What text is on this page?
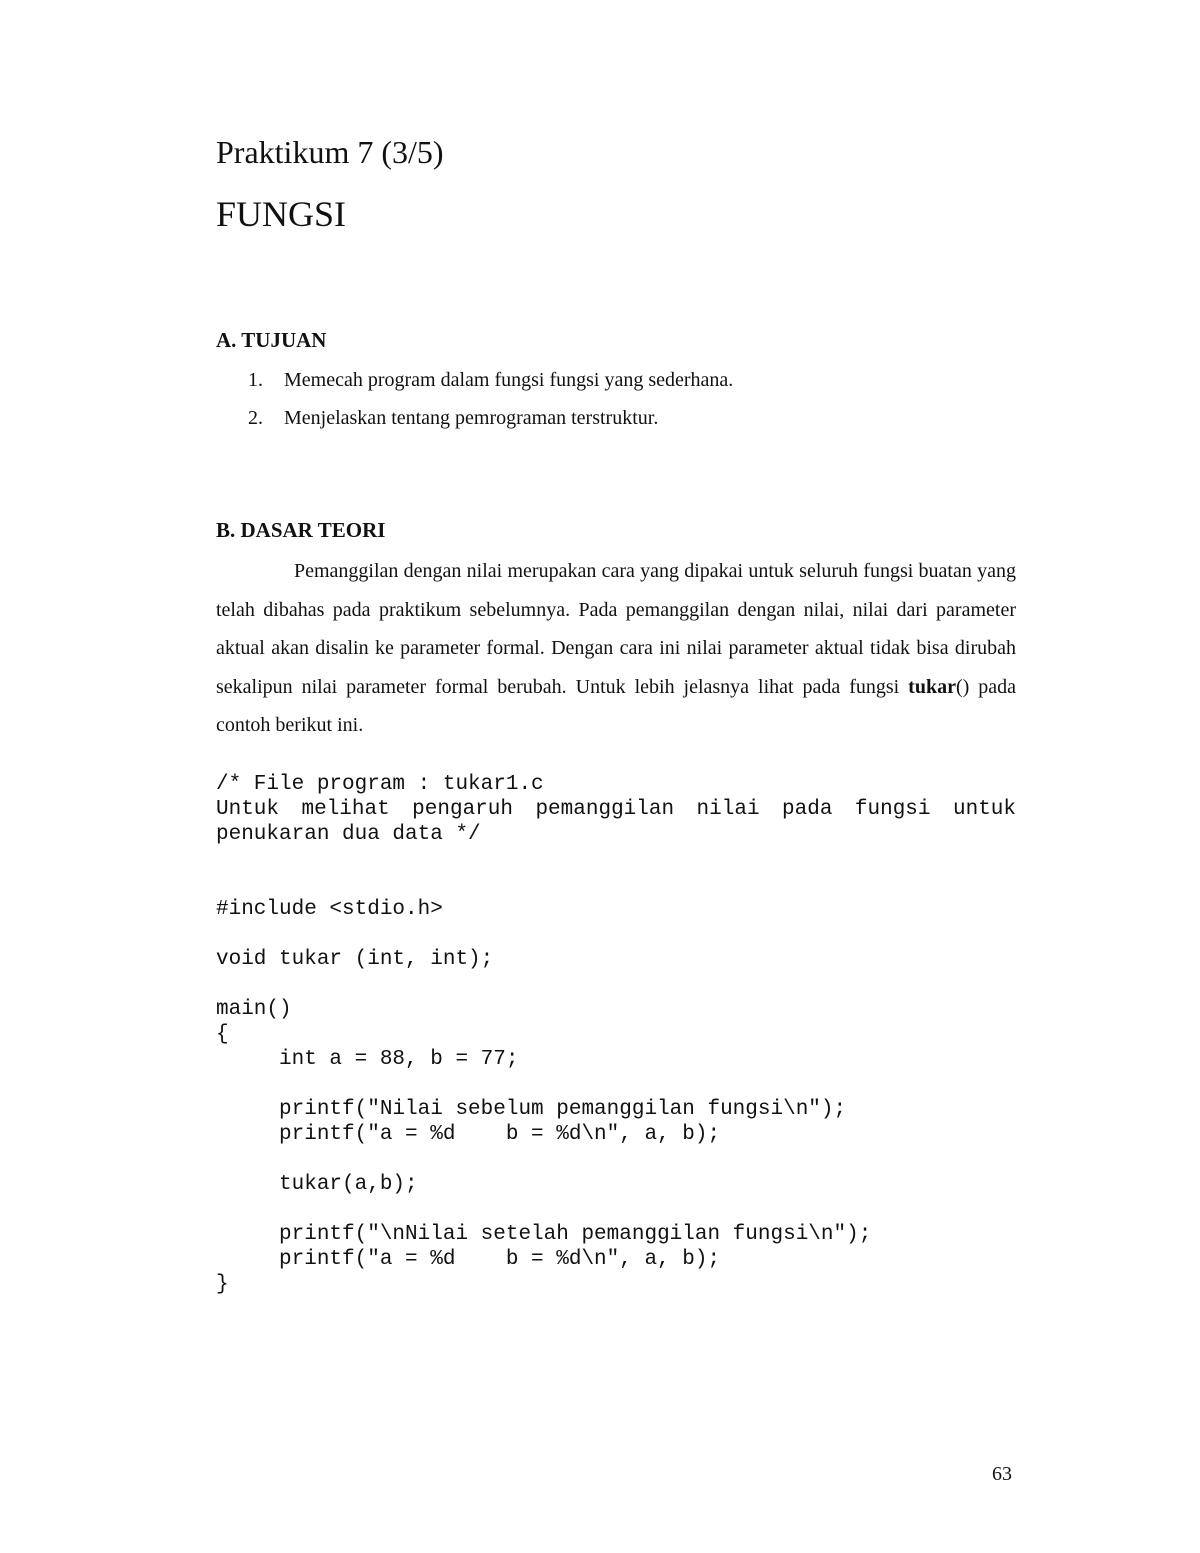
Praktikum 7 (3/5)
FUNGSI
A. TUJUAN
1. Memecah program dalam fungsi fungsi yang sederhana.
2. Menjelaskan tentang pemrograman terstruktur.
B. DASAR TEORI

Pemanggilan dengan nilai merupakan cara yang dipakai untuk seluruh fungsi buatan yang telah dibahas pada praktikum sebelumnya. Pada pemanggilan dengan nilai, nilai dari parameter aktual akan disalin ke parameter formal. Dengan cara ini nilai parameter aktual tidak bisa dirubah sekalipun nilai parameter formal berubah. Untuk lebih jelasnya lihat pada fungsi tukar() pada contoh berikut ini.

/* File program : tukar1.c
Untuk melihat pengaruh pemanggilan nilai pada fungsi untuk
penukaran dua data */
#include <stdio.h>
void tukar (int, int);
main()
{
int a = 88, b = 77;
printf("Nilai sebelum pemanggilan fungsi\n");
printf("a = %d    b = %d\n", a, b);
tukar(a,b);
printf("\nNilai setelah pemanggilan fungsi\n");
printf("a = %d    b = %d\n", a, b);
}
63
